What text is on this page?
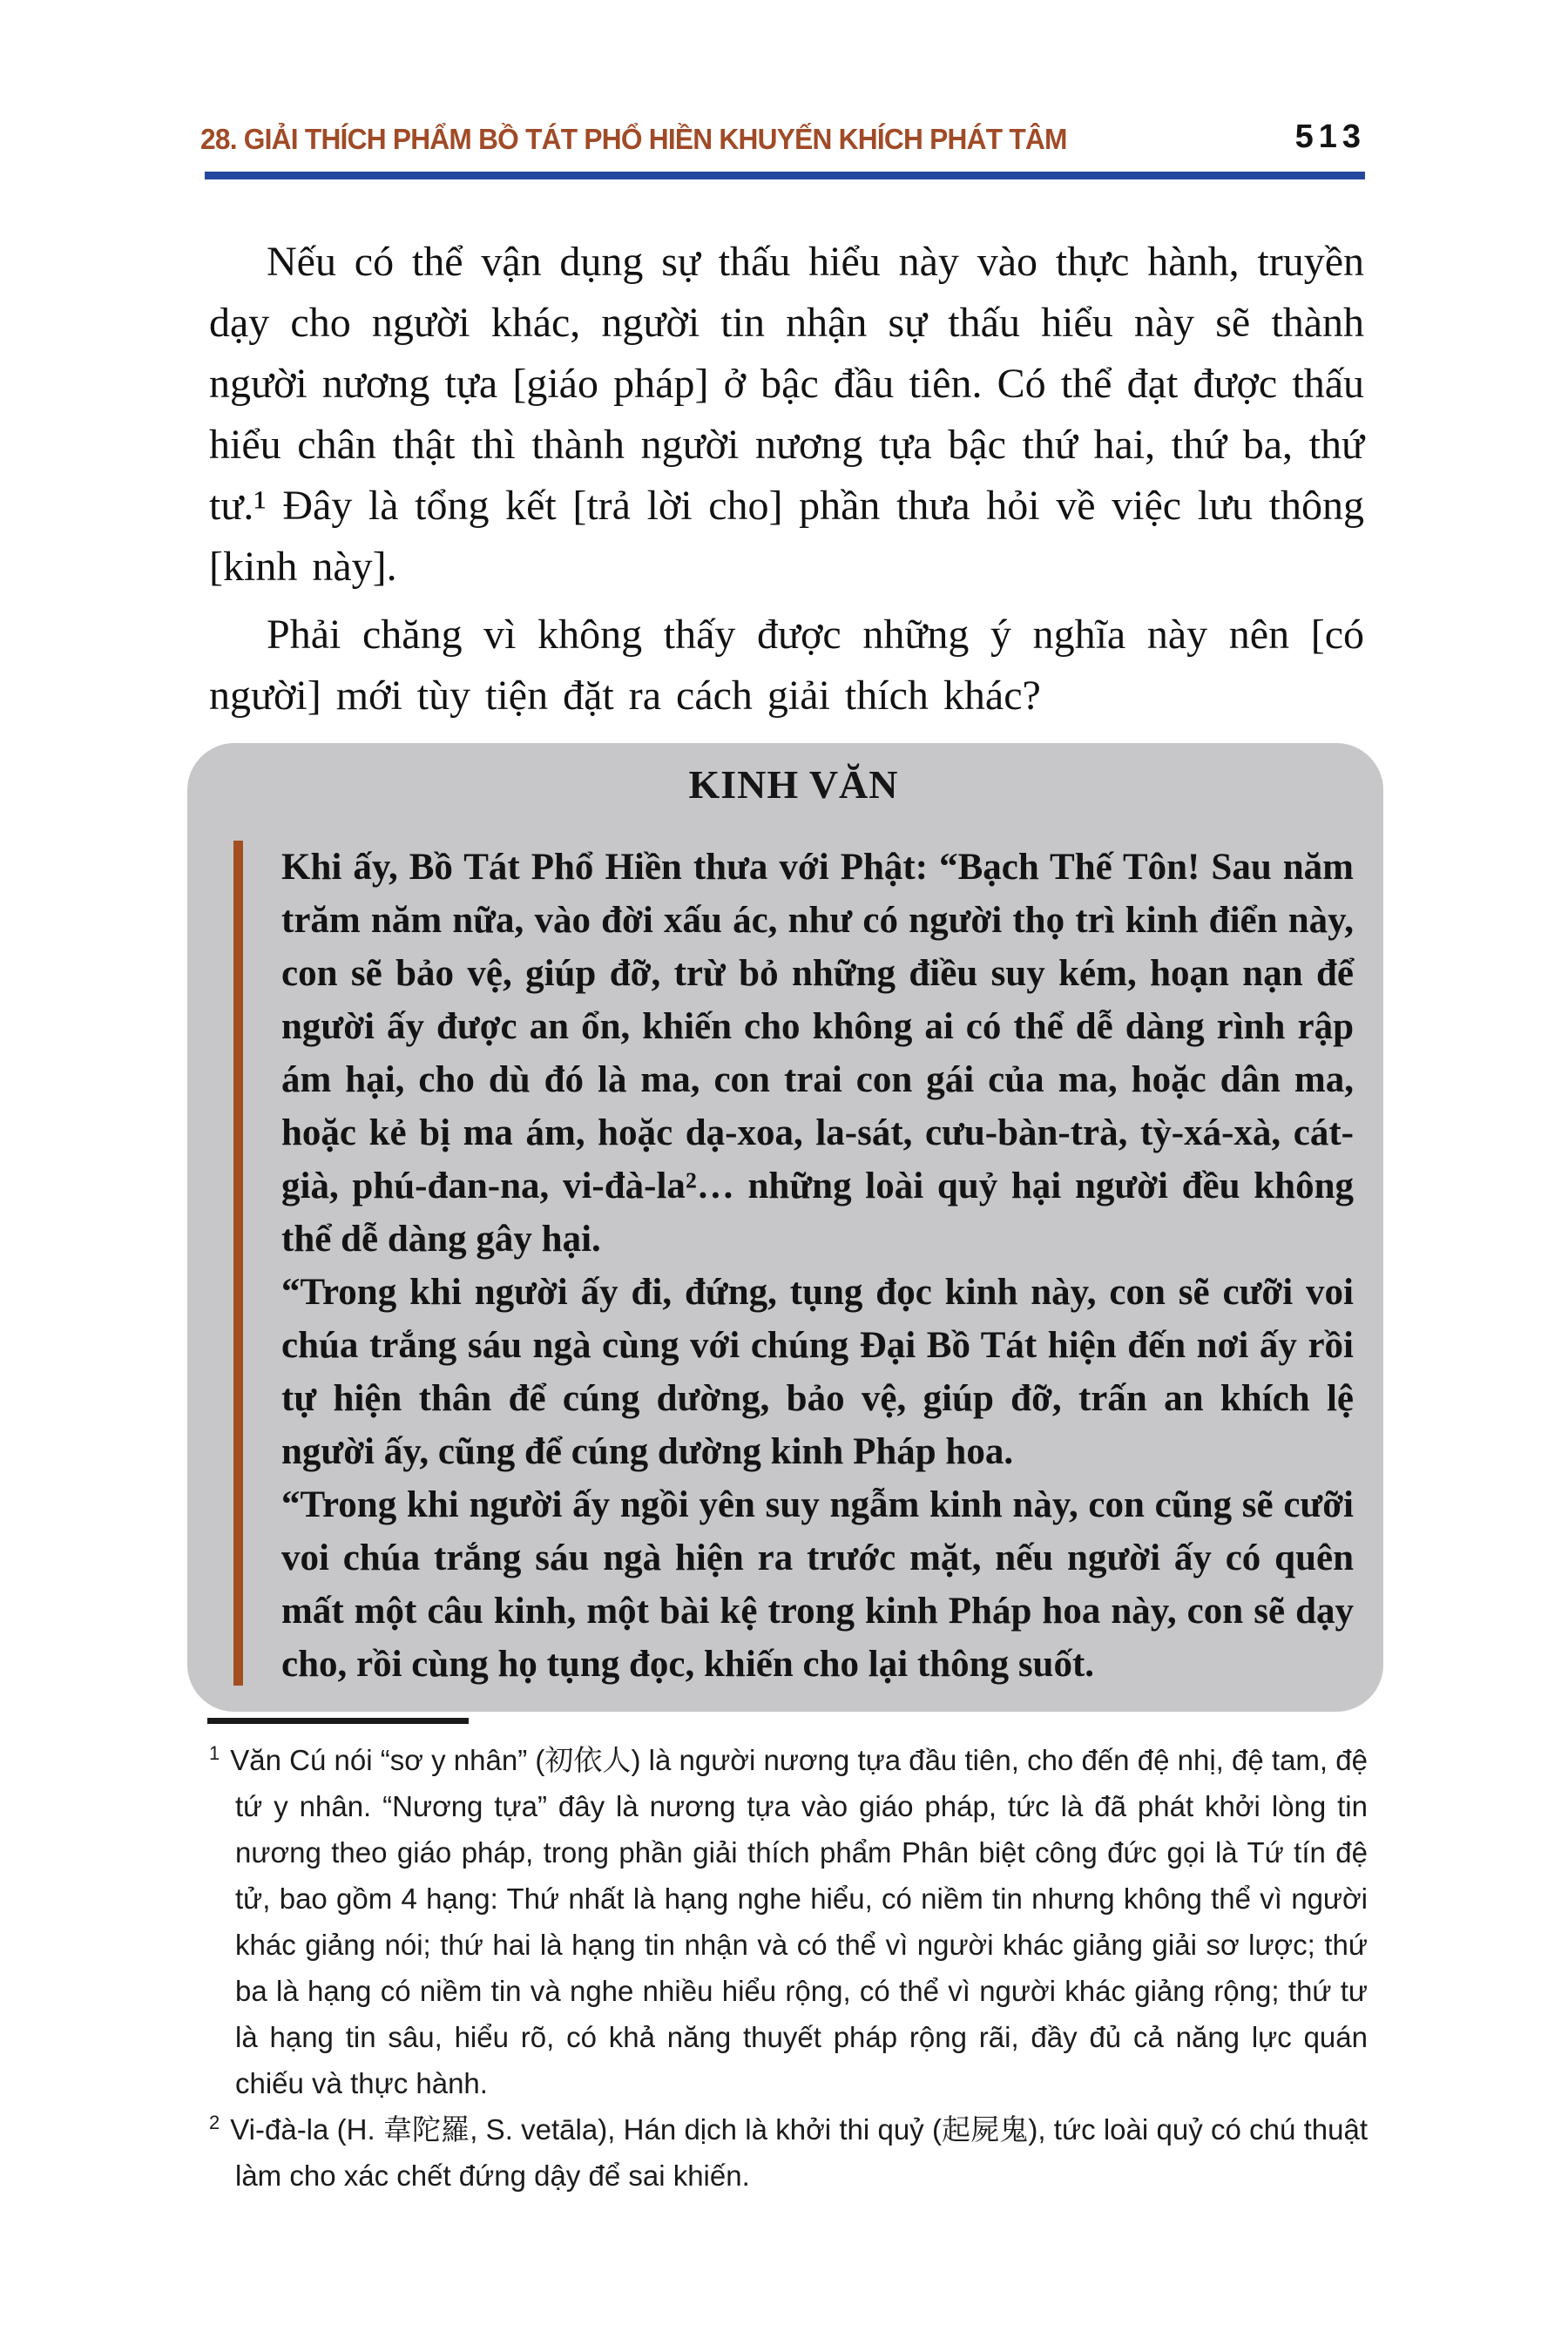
28. GIẢI THÍCH PHẨM BỒ TÁT PHỔ HIỀN KHUYẾN KHÍCH PHÁT TÂM	513

Nếu có thể vận dụng sự thấu hiểu này vào thực hành, truyền dạy cho người khác, người tin nhận sự thấu hiểu này sẽ thành người nương tựa [giáo pháp] ở bậc đầu tiên. Có thể đạt được thấu hiểu chân thật thì thành người nương tựa bậc thứ hai, thứ ba, thứ tư.¹ Đây là tổng kết [trả lời cho] phần thưa hỏi về việc lưu thông [kinh này].

Phải chăng vì không thấy được những ý nghĩa này nên [có người] mới tùy tiện đặt ra cách giải thích khác?

KINH VĂN

Khi ấy, Bồ Tát Phổ Hiền thưa với Phật: “Bạch Thế Tôn! Sau năm trăm năm nữa, vào đời xấu ác, như có người thọ trì kinh điển này, con sẽ bảo vệ, giúp đỡ, trừ bỏ những điều suy kém, hoạn nạn để người ấy được an ổn, khiến cho không ai có thể dễ dàng rình rập ám hại, cho dù đó là ma, con trai con gái của ma, hoặc dân ma, hoặc kẻ bị ma ám, hoặc dạ-xoa, la-sát, cưu-bàn-trà, tỳ-xá-xà, cát-già, phú-đan-na, vi-đà-la²… những loài quỷ hại người đều không thể dễ dàng gây hại.

“Trong khi người ấy đi, đứng, tụng đọc kinh này, con sẽ cưỡi voi chúa trắng sáu ngà cùng với chúng Đại Bồ Tát hiện đến nơi ấy rồi tự hiện thân để cúng dường, bảo vệ, giúp đỡ, trấn an khích lệ người ấy, cũng để cúng dường kinh Pháp hoa.

“Trong khi người ấy ngồi yên suy ngẫm kinh này, con cũng sẽ cưỡi voi chúa trắng sáu ngà hiện ra trước mặt, nếu người ấy có quên mất một câu kinh, một bài kệ trong kinh Pháp hoa này, con sẽ dạy cho, rồi cùng họ tụng đọc, khiến cho lại thông suốt.

$^1$ Văn Cú nói “sơ y nhân” (初依人) là người nương tựa đầu tiên, cho đến đệ nhị, đệ tam, đệ tứ y nhân. “Nương tựa” đây là nương tựa vào giáo pháp, tức là đã phát khởi lòng tin nương theo giáo pháp, trong phần giải thích phẩm Phân biệt công đức gọi là Tứ tín đệ tử, bao gồm 4 hạng: Thứ nhất là hạng nghe hiểu, có niềm tin nhưng không thể vì người khác giảng nói; thứ hai là hạng tin nhận và có thể vì người khác giảng giải sơ lược; thứ ba là hạng có niềm tin và nghe nhiều hiểu rộng, có thể vì người khác giảng rộng; thứ tư là hạng tin sâu, hiểu rõ, có khả năng thuyết pháp rộng rãi, đầy đủ cả năng lực quán chiếu và thực hành.

$^2$ Vi-đà-la (H. 韋陀羅, S. vetāla), Hán dịch là khởi thi quỷ (起屍鬼), tức loài quỷ có chú thuật làm cho xác chết đứng dậy để sai khiến.
